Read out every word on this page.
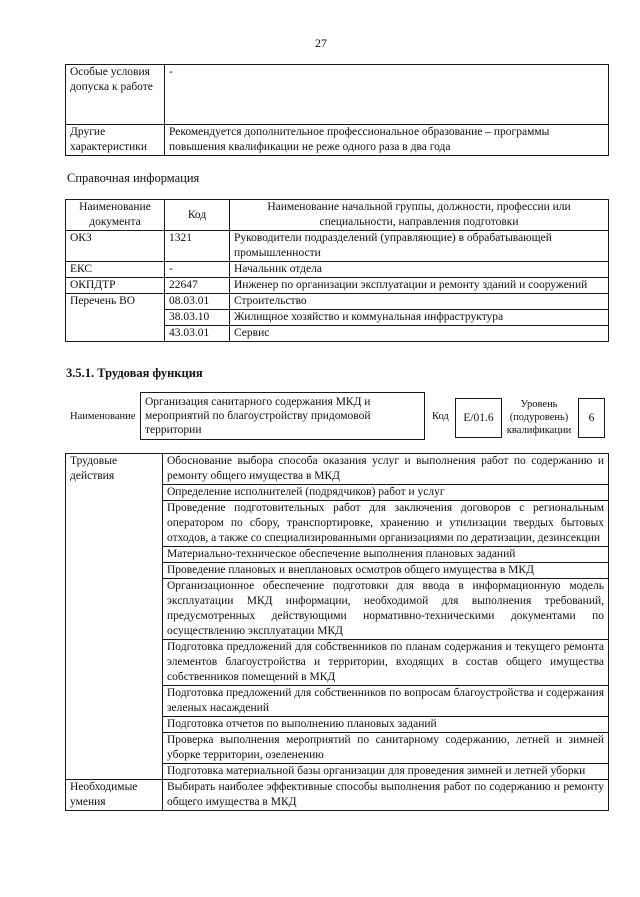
27
Особые условия допуска к работе	-
Другие характеристики	Рекомендуется дополнительное профессиональное образование – программы повышения квалификации не реже одного раза в два года
Справочная информация
Наименование документа	Код	Наименование начальной группы, должности, профессии или специальности, направления подготовки
ОКЗ	1321	Руководители подразделений (управляющие) в обрабатывающей промышленности
ЕКС	-	Начальник отдела
ОКПДТР	22647	Инженер по организации эксплуатации и ремонту зданий и сооружений
Перечень ВО	08.03.01	Строительство
	38.03.10	Жилищное хозяйство и коммунальная инфраструктура
	43.03.01	Сервис
3.5.1. Трудовая функция
Наименование
Организация санитарного содержания МКД и мероприятий по благоустройству придомовой территории
Код	E/01.6
Уровень (подуровень) квалификации
6
Трудовые действия	Обоснование выбора способа оказания услуг и выполнения работ по содержанию и ремонту общего имущества в МКД
	Определение исполнителей (подрядчиков) работ и услуг
	Проведение подготовительных работ для заключения договоров с региональным оператором по сбору, транспортировке, хранению и утилизации твердых бытовых отходов, а также со специализированными организациями по дератизации, дезинсекции
	Материально-техническое обеспечение выполнения плановых заданий
	Проведение плановых и внеплановых осмотров общего имущества в МКД
	Организационное обеспечение подготовки для ввода в информационную модель эксплуатации МКД информации, необходимой для выполнения требований, предусмотренных действующими нормативно-техническими документами по осуществлению эксплуатации МКД
	Подготовка предложений для собственников по планам содержания и текущего ремонта элементов благоустройства и территории, входящих в состав общего имущества собственников помещений в МКД
	Подготовка предложений для собственников по вопросам благоустройства и содержания зеленых насаждений
	Подготовка отчетов по выполнению плановых заданий
	Проверка выполнения мероприятий по санитарному содержанию, летней и зимней уборке территории, озеленению
	Подготовка материальной базы организации для проведения зимней и летней уборки
Необходимые умения	Выбирать наиболее эффективные способы выполнения работ по содержанию и ремонту общего имущества в МКД
